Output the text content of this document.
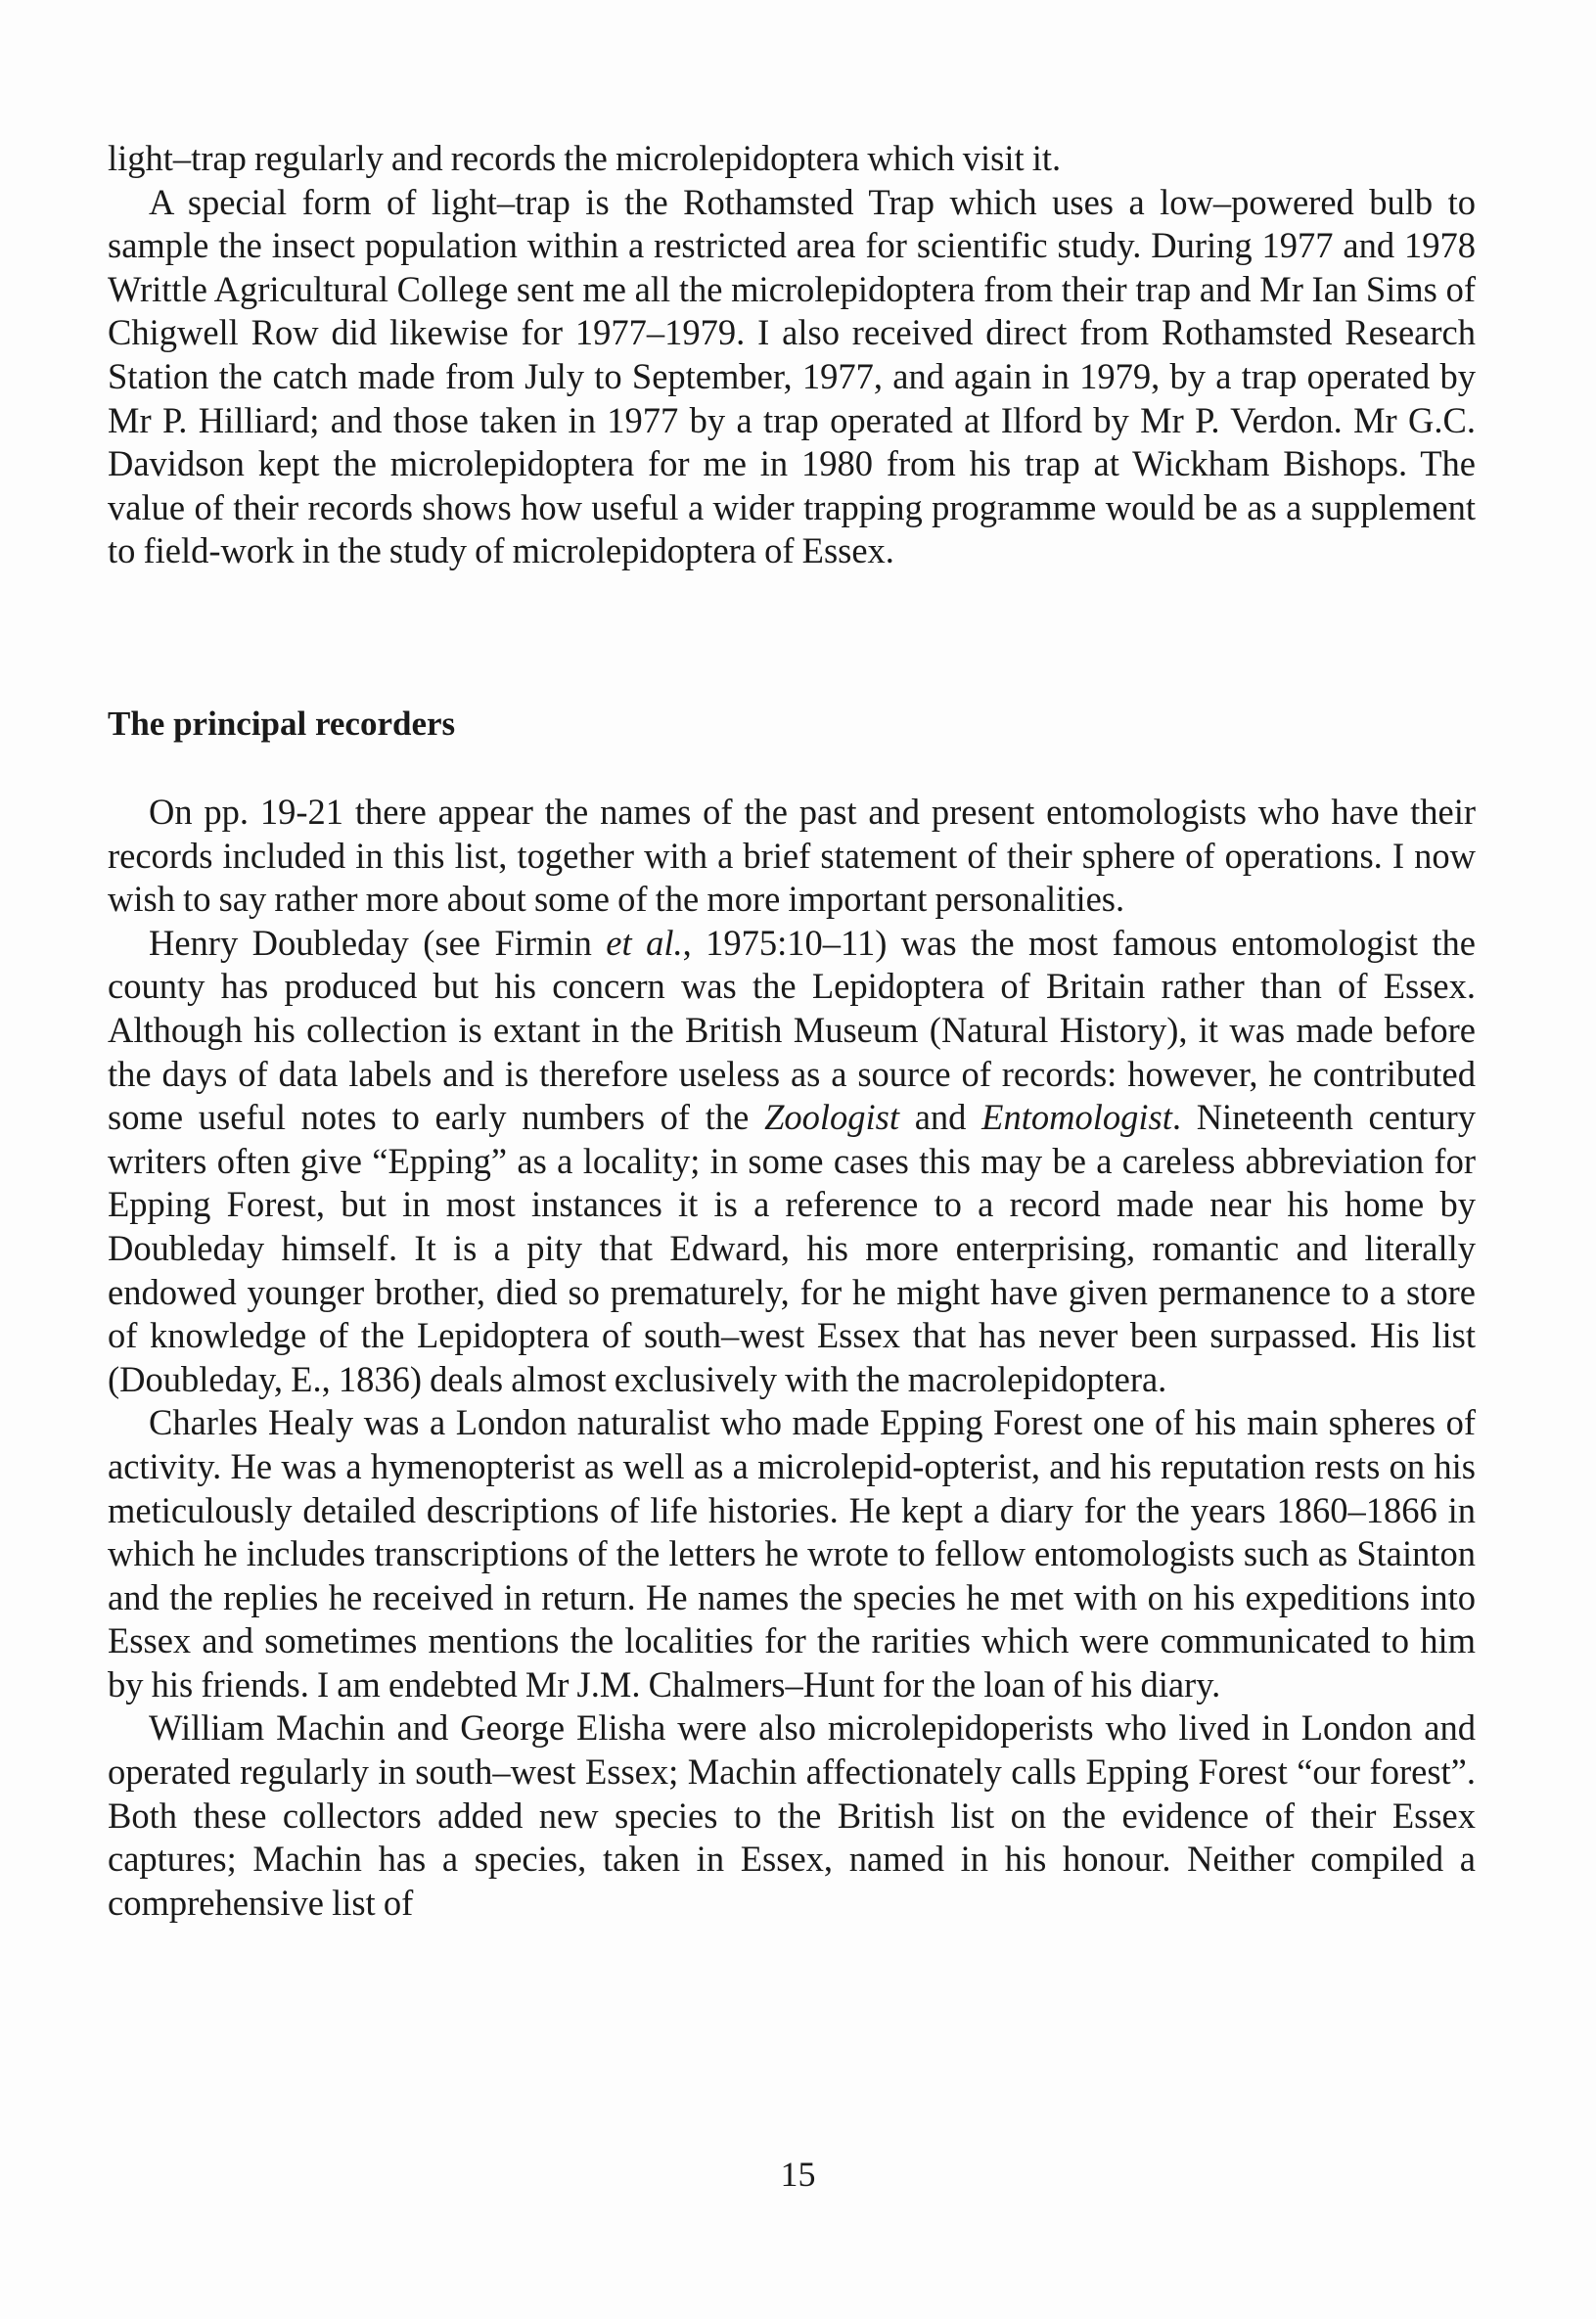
light–trap regularly and records the microlepidoptera which visit it.

A special form of light–trap is the Rothamsted Trap which uses a low–powered bulb to sample the insect population within a restricted area for scientific study. During 1977 and 1978 Writtle Agricultural College sent me all the microlepidoptera from their trap and Mr Ian Sims of Chigwell Row did likewise for 1977–1979. I also received direct from Rothamsted Research Station the catch made from July to September, 1977, and again in 1979, by a trap operated by Mr P. Hilliard; and those taken in 1977 by a trap operated at Ilford by Mr P. Verdon. Mr G.C. Davidson kept the microlepidoptera for me in 1980 from his trap at Wickham Bishops. The value of their records shows how useful a wider trapping programme would be as a supplement to field-work in the study of microlepidoptera of Essex.

The principal recorders

On pp. 19-21 there appear the names of the past and present entomologists who have their records included in this list, together with a brief statement of their sphere of operations. I now wish to say rather more about some of the more important personalities.

Henry Doubleday (see Firmin et al., 1975:10–11) was the most famous entomologist the county has produced but his concern was the Lepidoptera of Britain rather than of Essex. Although his collection is extant in the British Museum (Natural History), it was made before the days of data labels and is therefore useless as a source of records: however, he contributed some useful notes to early numbers of the Zoologist and Entomologist. Nineteenth century writers often give “Epping” as a locality; in some cases this may be a careless abbreviation for Epping Forest, but in most instances it is a reference to a record made near his home by Doubleday himself. It is a pity that Edward, his more enterprising, romantic and literally endowed younger brother, died so prematurely, for he might have given permanence to a store of knowledge of the Lepidoptera of south–west Essex that has never been surpassed. His list (Doubleday, E., 1836) deals almost exclusively with the macrolepidoptera.

Charles Healy was a London naturalist who made Epping Forest one of his main spheres of activity. He was a hymenopterist as well as a microlepid-opterist, and his reputation rests on his meticulously detailed descriptions of life histories. He kept a diary for the years 1860–1866 in which he includes transcriptions of the letters he wrote to fellow entomologists such as Stainton and the replies he received in return. He names the species he met with on his expeditions into Essex and sometimes mentions the localities for the rarities which were communicated to him by his friends. I am endebted Mr J.M. Chalmers–Hunt for the loan of his diary.

William Machin and George Elisha were also microlepidoperists who lived in London and operated regularly in south–west Essex; Machin affectionately calls Epping Forest “our forest”. Both these collectors added new species to the British list on the evidence of their Essex captures; Machin has a species, taken in Essex, named in his honour. Neither compiled a comprehensive list of

15
